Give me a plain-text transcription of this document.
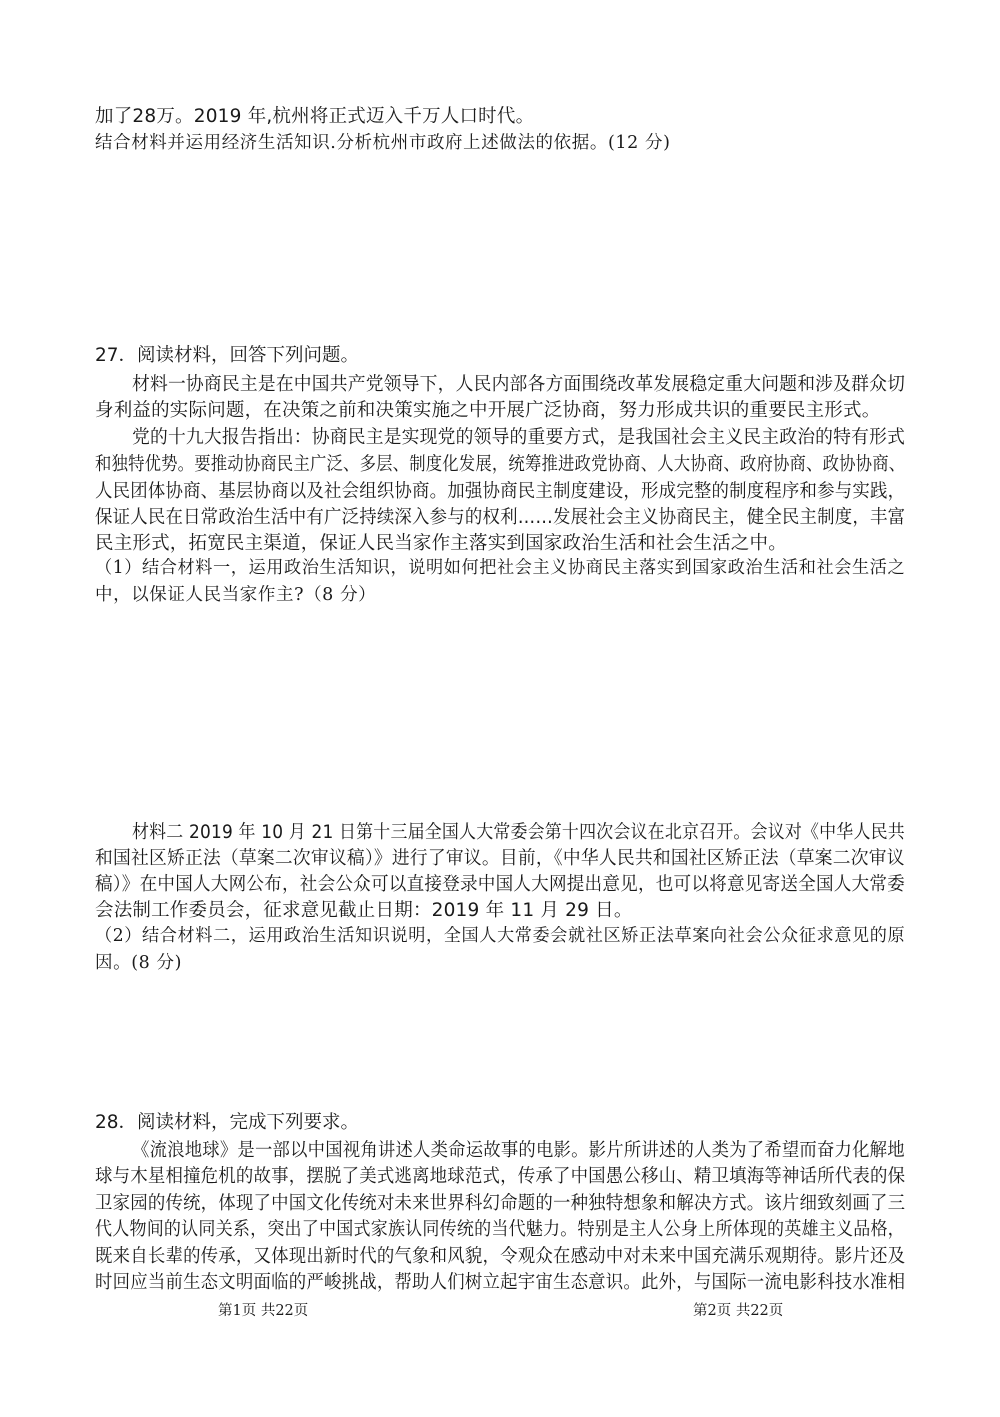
加了28万。2019 年,杭州将正式迈入千万人口时代。
结合材料并运用经济生活知识.分析杭州市政府上述做法的依据。(12 分)
27．阅读材料，回答下列问题。
材料一协商民主是在中国共产党领导下，人民内部各方面围绕改革发展稳定重大问题和涉及群众切
身利益的实际问题，在决策之前和决策实施之中开展广泛协商，努力形成共识的重要民主形式。
党的十九大报告指出：协商民主是实现党的领导的重要方式，是我国社会主义民主政治的特有形式
和独特优势。要推动协商民主广泛、多层、制度化发展，统筹推进政党协商、人大协商、政府协商、政协协商、
人民团体协商、基层协商以及社会组织协商。加强协商民主制度建设，形成完整的制度程序和参与实践，
保证人民在日常政治生活中有广泛持续深入参与的权利……发展社会主义协商民主，健全民主制度，丰富
民主形式，拓宽民主渠道，保证人民当家作主落实到国家政治生活和社会生活之中。
（1）结合材料一，运用政治生活知识，说明如何把社会主义协商民主落实到国家政治生活和社会生活之
中，以保证人民当家作主?（8 分）
材料二 2019 年 10 月 21 日第十三届全国人大常委会第十四次会议在北京召开。会议对《中华人民共
和国社区矫正法（草案二次审议稿）》进行了审议。目前，《中华人民共和国社区矫正法（草案二次审议
稿）》在中国人大网公布，社会公众可以直接登录中国人大网提出意见，也可以将意见寄送全国人大常委
会法制工作委员会，征求意见截止日期：2019 年 11 月 29 日。
（2）结合材料二，运用政治生活知识说明，全国人大常委会就社区矫正法草案向社会公众征求意见的原
因。(8 分)
28．阅读材料，完成下列要求。
《流浪地球》是一部以中国视角讲述人类命运故事的电影。影片所讲述的人类为了希望而奋力化解地
球与木星相撞危机的故事，摆脱了美式逃离地球范式，传承了中国愚公移山、精卫填海等神话所代表的保
卫家园的传统，体现了中国文化传统对未来世界科幻命题的一种独特想象和解决方式。该片细致刻画了三
代人物间的认同关系，突出了中国式家族认同传统的当代魅力。特别是主人公身上所体现的英雄主义品格，
既来自长辈的传承，又体现出新时代的气象和风貌，令观众在感动中对未来中国充满乐观期待。影片还及
时回应当前生态文明面临的严峻挑战，帮助人们树立起宇宙生态意识。此外，与国际一流电影科技水准相
第1页 共22页	第2页 共22页
